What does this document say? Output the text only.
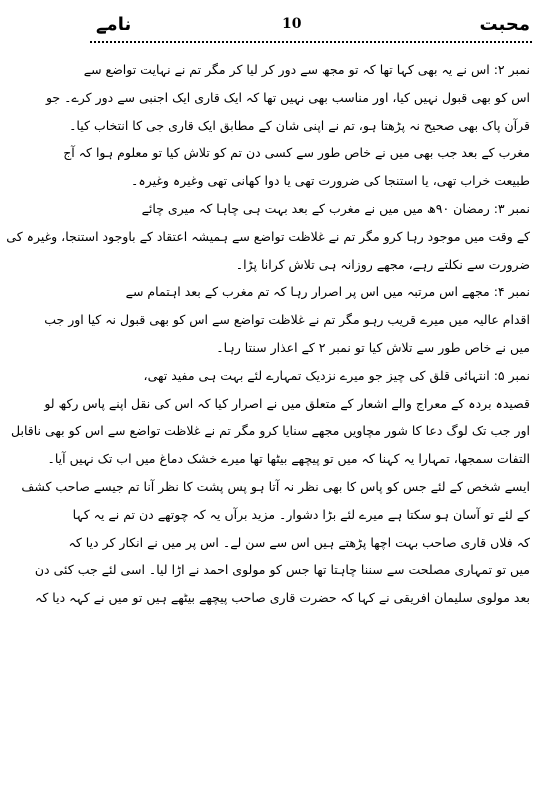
نامے	10	محبت
نمبر ۲: اس نے یہ بھی کہا تھا کہ تو مجھ سے دور کر لیا کر مگر تم نے نہایت تواضع سے
اس کو بھی قبول نہیں کیا، اور مناسب بھی نہیں تھا کہ ایک قاری ایک اجنبی سے دور کرے۔ جو
قرآن پاک بھی صحیح نہ پڑھتا ہو، تم نے اپنی شان کے مطابق ایک قاری جی کا انتخاب کیا۔
مغرب کے بعد جب بھی میں نے خاص طور سے کسی دن تم کو تلاش کیا تو معلوم ہوا کہ آج
طبیعت خراب تھی، یا استنجا کی ضرورت تھی یا دوا کھانی تھی وغیرہ وغیرہ۔
نمبر ۳: رمضان ۹۰ھ میں میں نے مغرب کے بعد بہت ہی چاہا کہ میری چائے
کے وقت میں موجود رہا کرو مگر تم نے غلاظت تواضع سے ہمیشہ اعتقاد کے باوجود استنجا، وغیرہ کی
ضرورت سے نکلتے رہے، مجھے روزانہ ہی تلاش کرانا پڑا۔
نمبر ۴: مجھے اس مرتبہ میں اس پر اصرار رہا کہ تم مغرب کے بعد اہتمام سے
اقدام عالیہ میں میرے قریب رہو مگر تم نے غلاظت تواضع سے اس کو بھی قبول نہ کیا اور جب
میں نے خاص طور سے تلاش کیا تو نمبر ۲ کے اعذار سنتا رہا۔
نمبر ۵: انتہائی قلق کی چیز جو میرے نزدیک تمہارے لئے بہت ہی مفید تھی،
قصیدہ بردہ کے معراج والے اشعار کے متعلق میں نے اصرار کیا کہ اس کی نقل اپنے پاس رکھ لو
اور جب تک لوگ دعا کا شور مچاویں مجھے سنایا کرو مگر تم نے غلاظت تواضع سے اس کو بھی ناقابل
التفات سمجھا، تمہارا یہ کہنا کہ میں تو پیچھے بیٹھا تھا میرے خشک دماغ میں اب تک نہیں آیا۔
ایسے شخص کے لئے جس کو پاس کا بھی نظر نہ آتا ہو پس پشت کا نظر آنا تم جیسے صاحب کشف
کے لئے تو آسان ہو سکتا ہے میرے لئے بڑا دشوار۔ مزید برآں یہ کہ چوتھے دن تم نے یہ کہا
کہ فلاں قاری صاحب بہت اچھا پڑھتے ہیں اس سے سن لے۔ اس پر میں نے انکار کر دیا کہ
میں تو تمہاری مصلحت سے سننا چاہتا تھا جس کو مولوی احمد نے اڑا لیا۔ اسی لئے جب کئی دن
بعد مولوی سلیمان افریقی نے کہا کہ حضرت قاری صاحب پیچھے بیٹھے ہیں تو میں نے کہہ دیا کہ
